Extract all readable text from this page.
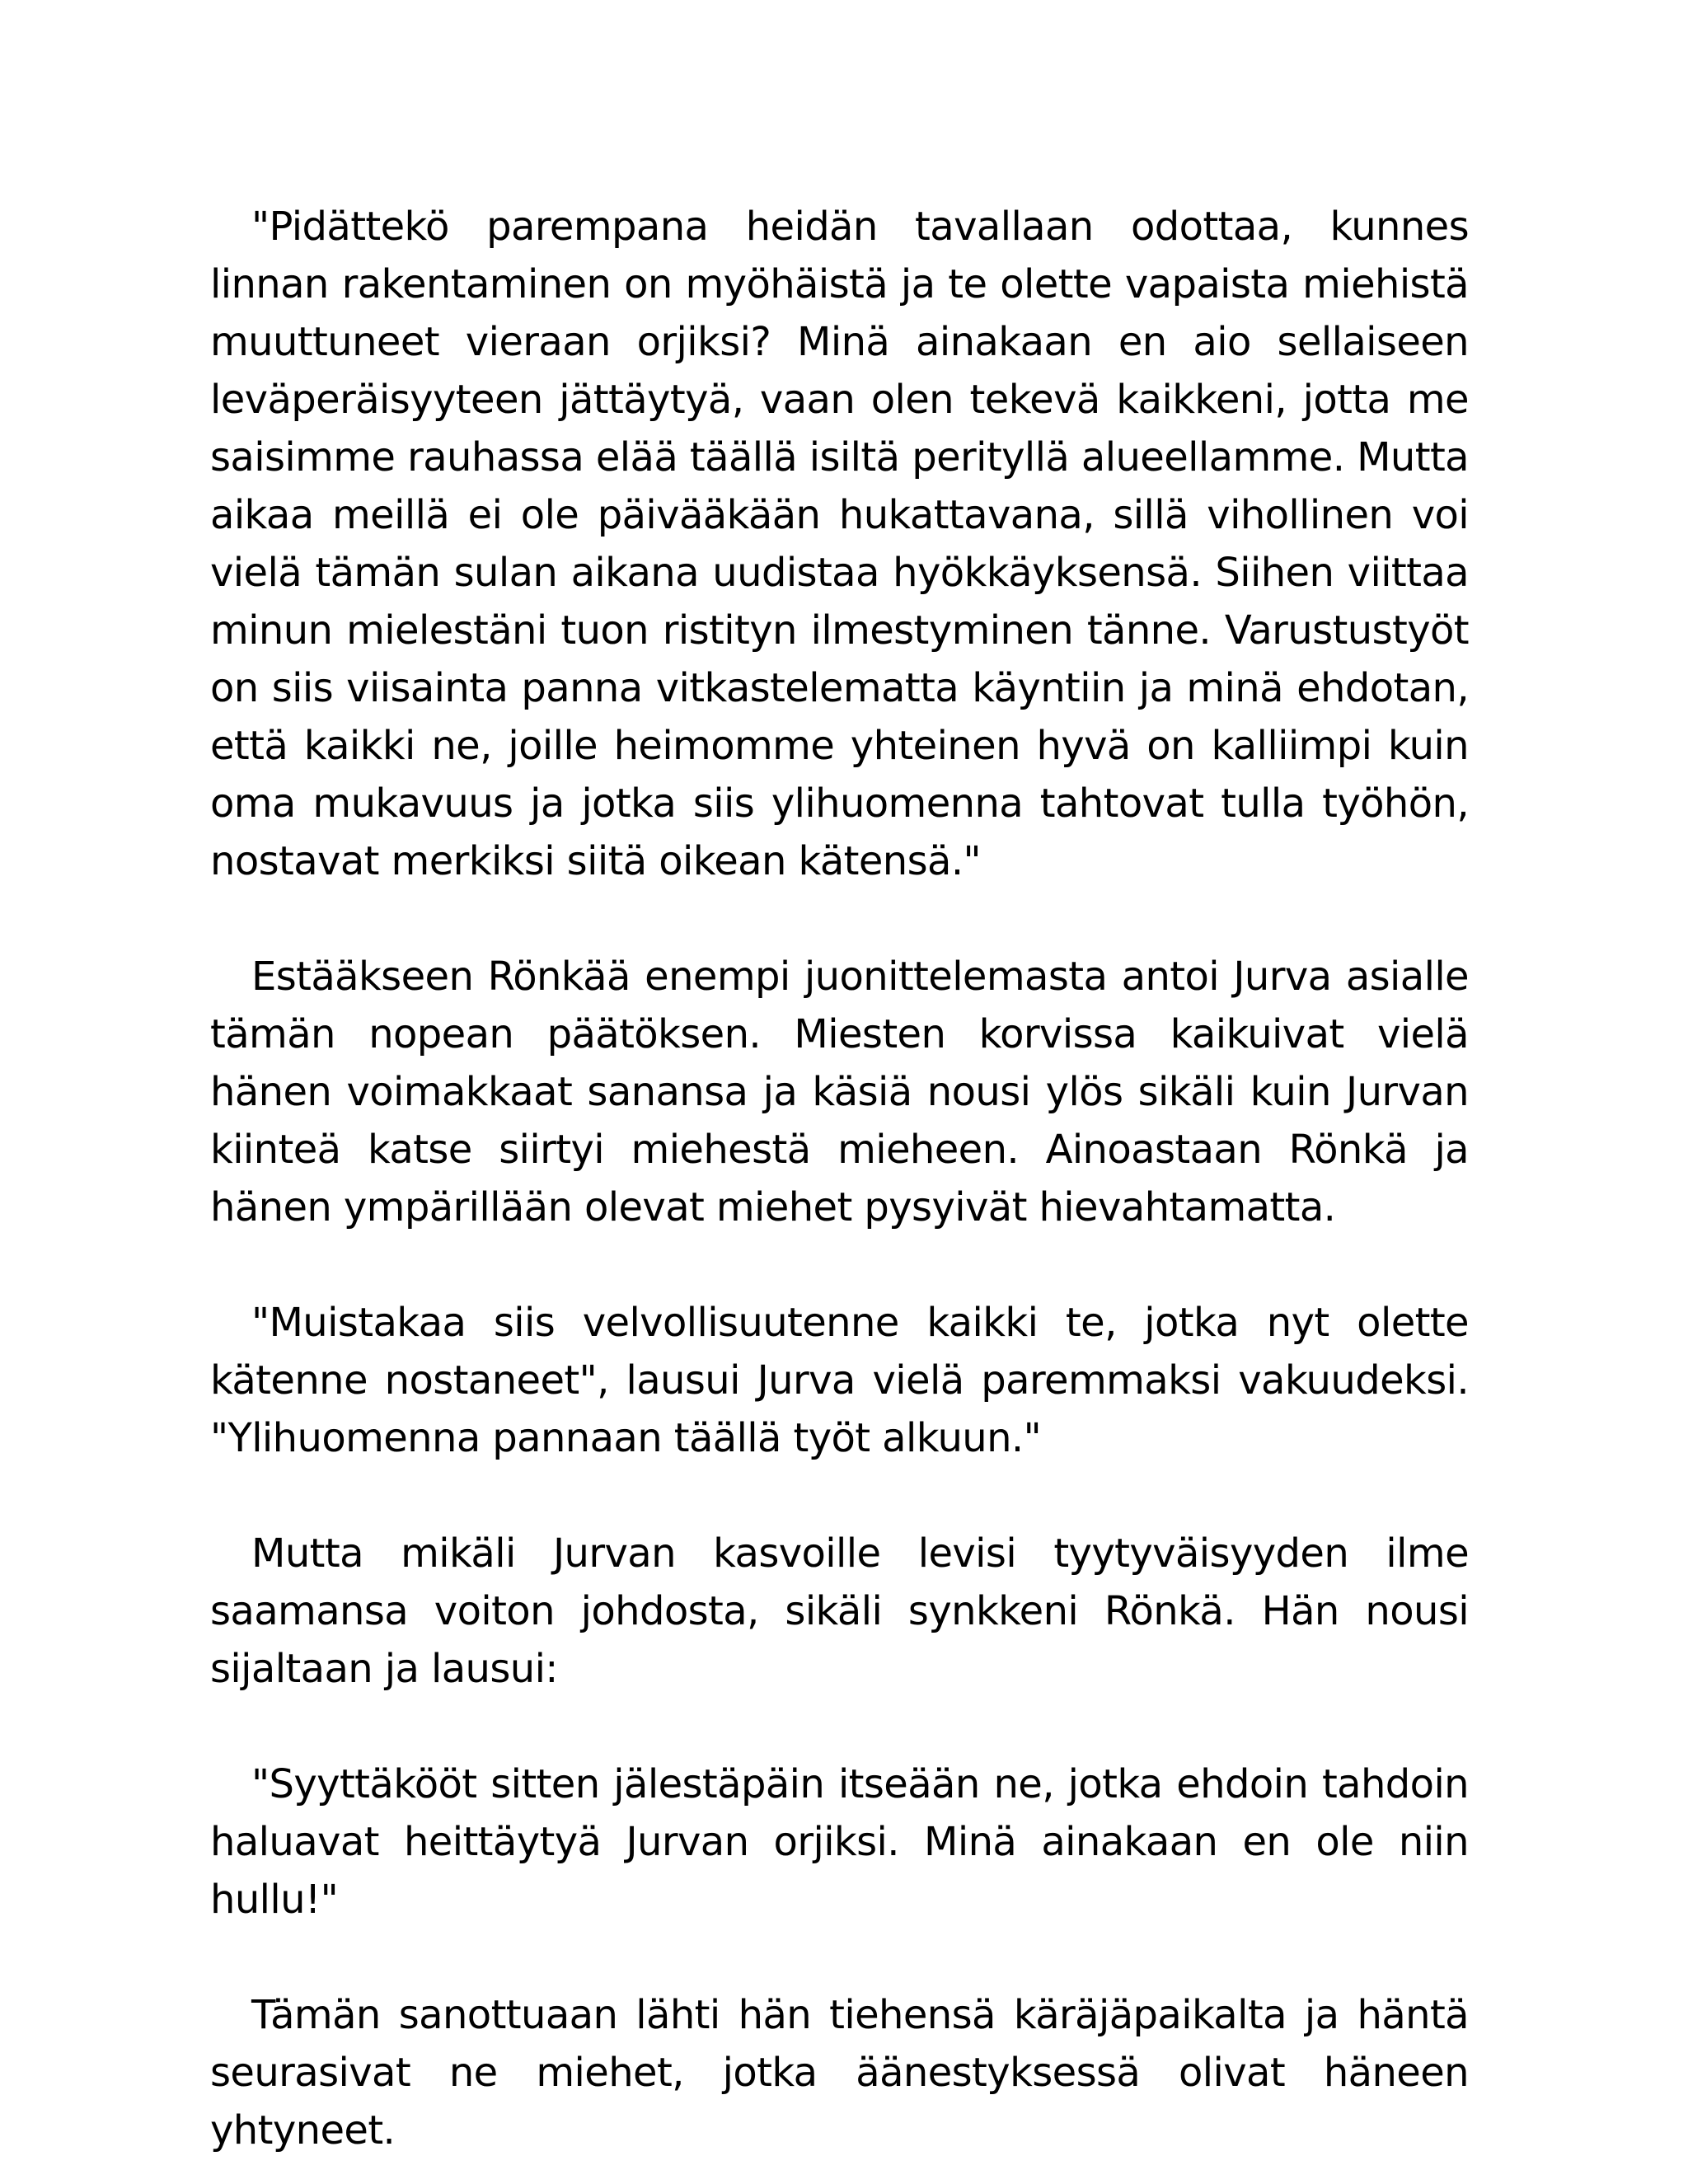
"Pidättekö parempana heidän tavallaan odottaa, kunnes linnan rakentaminen on myöhäistä ja te olette vapaista miehistä muuttuneet vieraan orjiksi? Minä ainakaan en aio sellaiseen leväperäisyyteen jättäytyä, vaan olen tekevä kaikkeni, jotta me saisimme rauhassa elää täällä isiltä perityllä alueellamme. Mutta aikaa meillä ei ole päivääkään hukattavana, sillä vihollinen voi vielä tämän sulan aikana uudistaa hyökkäyksensä. Siihen viittaa minun mielestäni tuon ristityn ilmestyminen tänne. Varustustyöt on siis viisainta panna vitkastelematta käyntiin ja minä ehdotan, että kaikki ne, joille heimomme yhteinen hyvä on kalliimpi kuin oma mukavuus ja jotka siis ylihuomenna tahtovat tulla työhön, nostavat merkiksi siitä oikean kätensä."

Estääkseen Rönkää enempi juonittelemasta antoi Jurva asialle tämän nopean päätöksen. Miesten korvissa kaikuivat vielä hänen voimakkaat sanansa ja käsiä nousi ylös sikäli kuin Jurvan kiinteä katse siirtyi miehestä mieheen. Ainoastaan Rönkä ja hänen ympärillään olevat miehet pysyivät hievahtamatta.

"Muistakaa siis velvollisuutenne kaikki te, jotka nyt olette kätenne nostaneet", lausui Jurva vielä paremmaksi vakuudeksi. "Ylihuomenna pannaan täällä työt alkuun."

Mutta mikäli Jurvan kasvoille levisi tyytyväisyyden ilme saamansa voiton johdosta, sikäli synkkeni Rönkä. Hän nousi sijaltaan ja lausui:

"Syyttäkööt sitten jälestäpäin itseään ne, jotka ehdoin tahdoin haluavat heittäytyä Jurvan orjiksi. Minä ainakaan en ole niin hullu!"

Tämän sanottuaan lähti hän tiehensä käräjäpaikalta ja häntä seurasivat ne miehet, jotka äänestyksessä olivat häneen yhtyneet.
